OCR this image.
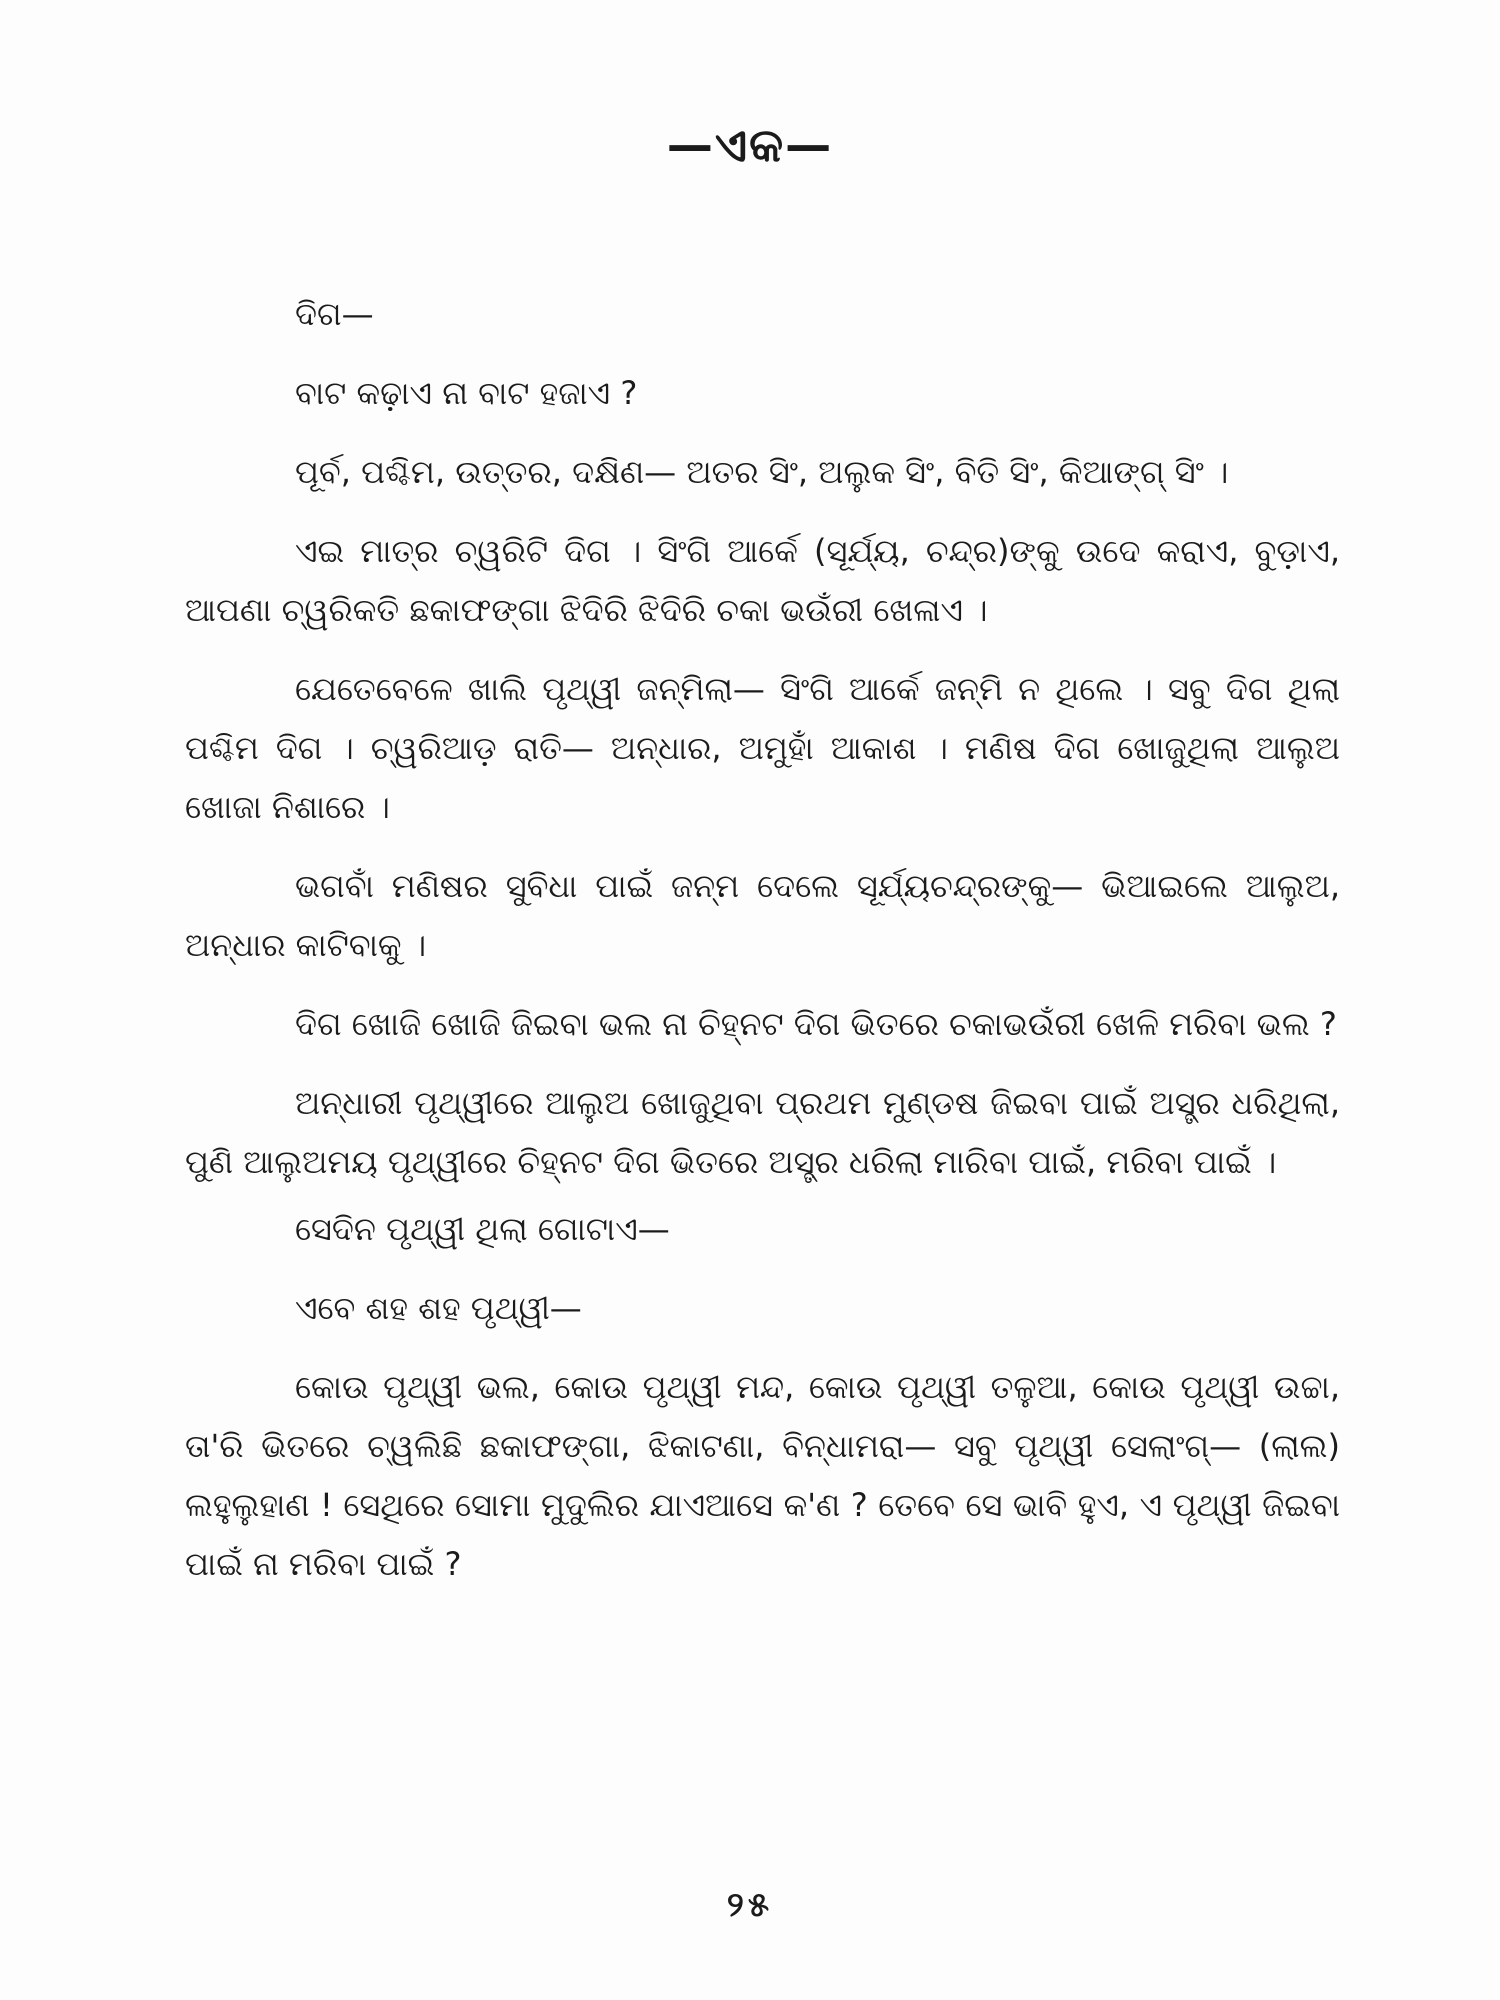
—ଏକ—

ଦିଗ—

ବାଟ କଢ଼ାଏ ନା ବାଟ ହଜାଏ ?

ପୂର୍ବ, ପଶ୍ଚିମ, ଉତ୍ତର, ଦକ୍ଷିଣ— ଅତର ସିଂ, ଅଲୁକ ସିଂ, ବିତି ସିଂ, କିଆଙ୍ଗ୍ ସିଂ ।

ଏଇ ମାତ୍ର ଚ୍ୱରିଟି ଦିଗ । ସିଂଗି ଆର୍କେ (ସୂର୍ଯ୍ୟ, ଚନ୍ଦ୍ର)ଙ୍କୁ ଉଦେ କରାଏ, ବୁଡ଼ାଏ, ଆପଣା ଚ୍ୱରିକତି ଛକାଫଙ୍ଗା ଝିଦିରି ଝିଦିରି ଚକା ଭଉଁରୀ ଖେଳାଏ ।

ଯେତେବେଳେ ଖାଲି ପୃଥ୍ୱୀ ଜନ୍ମିଲା— ସିଂଗି ଆର୍କେ ଜନ୍ମି ନ ଥିଲେ । ସବୁ ଦିଗ ଥିଲା ପଶ୍ଚିମ ଦିଗ । ଚ୍ୱରିଆଡ଼ ରାତି— ଅନ୍ଧାର, ଅମୁହାଁ ଆକାଶ । ମଣିଷ ଦିଗ ଖୋଜୁଥିଲା ଆଲୁଅ ଖୋଜା ନିଶାରେ ।

ଭଗବାଁ ମଣିଷର ସୁବିଧା ପାଇଁ ଜନ୍ମ ଦେଲେ ସୂର୍ଯ୍ୟଚନ୍ଦ୍ରଙ୍କୁ— ଭିଆଇଲେ ଆଲୁଅ, ଅନ୍ଧାର କାଟିବାକୁ ।

ଦିଗ ଖୋଜି ଖୋଜି ଜିଇବା ଭଲ ନା ଚିହ୍ନଟ ଦିଗ ଭିତରେ ଚକାଭଉଁରୀ ଖେଳି ମରିବା ଭଲ ?

ଅନ୍ଧାରୀ ପୃଥ୍ୱୀରେ ଆଲୁଅ ଖୋଜୁଥିବା ପ୍ରଥମ ମୁଣ୍ଡଷ ଜିଇବା ପାଇଁ ଅସ୍ତ୍ର ଧରିଥିଲା, ପୁଣି ଆଲୁଅମୟ ପୃଥ୍ୱୀରେ ଚିହ୍ନଟ ଦିଗ ଭିତରେ ଅସ୍ତ୍ର ଧରିଲା ମାରିବା ପାଇଁ, ମରିବା ପାଇଁ ।

ସେଦିନ ପୃଥ୍ୱୀ ଥିଲା ଗୋଟାଏ—

ଏବେ ଶହ ଶହ ପୃଥ୍ୱୀ—

କୋଉ ପୃଥ୍ୱୀ ଭଲ, କୋଉ ପୃଥ୍ୱୀ ମନ୍ଦ, କୋଉ ପୃଥ୍ୱୀ ତଳୁଆ, କୋଉ ପୃଥ୍ୱୀ ଉଚ୍ଚା, ତା'ରି ଭିତରେ ଚ୍ୱଲିଛି ଛକାଫଙ୍ଗା, ଝିକାଟଣା, ବିନ୍ଧାମରା— ସବୁ ପୃଥ୍ୱୀ ସେଲାଂଗ୍— (ଲାଲ) ଲହୁଲୁହାଣ ! ସେଥିରେ ସୋମା ମୁଦୁଲିର ଯାଏଆସେ କ'ଣ ? ତେବେ ସେ ଭାବି ହୁଏ, ଏ ପୃଥ୍ୱୀ ଜିଇବା ପାଇଁ ନା ମରିବା ପାଇଁ ?

୨୫
